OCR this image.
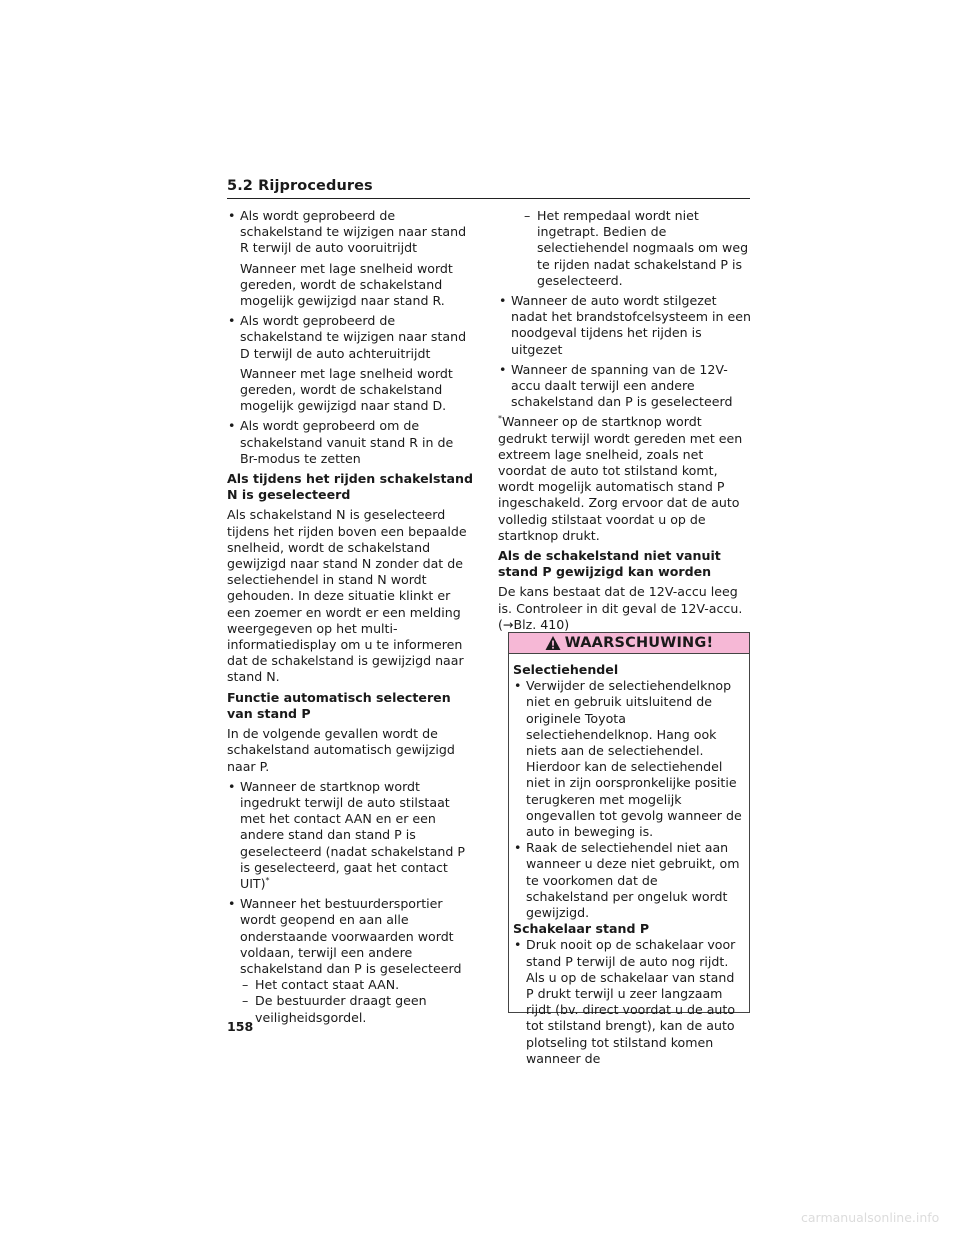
5.2 Rijprocedures
• Als wordt geprobeerd de schakelstand te wijzigen naar stand R terwijl de auto vooruitrijdt

Wanneer met lage snelheid wordt gereden, wordt de schakelstand mogelijk gewijzigd naar stand R.

• Als wordt geprobeerd de schakelstand te wijzigen naar stand D terwijl de auto achteruitrijdt

Wanneer met lage snelheid wordt gereden, wordt de schakelstand mogelijk gewijzigd naar stand D.

• Als wordt geprobeerd om de schakelstand vanuit stand R in de Br-modus te zetten

Als tijdens het rijden schakelstand N is geselecteerd

Als schakelstand N is geselecteerd tijdens het rijden boven een bepaalde snelheid, wordt de schakelstand gewijzigd naar stand N zonder dat de selectiehendel in stand N wordt gehouden. In deze situatie klinkt er een zoemer en wordt er een melding weergegeven op het multi-informatiedisplay om u te informeren dat de schakelstand is gewijzigd naar stand N.

Functie automatisch selecteren van stand P

In de volgende gevallen wordt de schakelstand automatisch gewijzigd naar P.

• Wanneer de startknop wordt ingedrukt terwijl de auto stilstaat met het contact AAN en er een andere stand dan stand P is geselecteerd (nadat schakelstand P is geselecteerd, gaat het contact UIT)*
• Wanneer het bestuurdersportier wordt geopend en aan alle onderstaande voorwaarden wordt voldaan, terwijl een andere schakelstand dan P is geselecteerd
– Het contact staat AAN.
– De bestuurder draagt geen veiligheidsgordel.
– Het rempedaal wordt niet ingetrapt. Bedien de selectiehendel nogmaals om weg te rijden nadat schakelstand P is geselecteerd.
• Wanneer de auto wordt stilgezet nadat het brandstofcelsysteem in een noodgeval tijdens het rijden is uitgezet
• Wanneer de spanning van de 12V-accu daalt terwijl een andere schakelstand dan P is geselecteerd

*Wanneer op de startknop wordt gedrukt terwijl wordt gereden met een extreem lage snelheid, zoals net voordat de auto tot stilstand komt, wordt mogelijk automatisch stand P ingeschakeld. Zorg ervoor dat de auto volledig stilstaat voordat u op de startknop drukt.

Als de schakelstand niet vanuit stand P gewijzigd kan worden

De kans bestaat dat de 12V-accu leeg is. Controleer in dit geval de 12V-accu. (→Blz. 410)

WAARSCHUWING!

Selectiehendel

• Verwijder de selectiehendelknop niet en gebruik uitsluitend de originele Toyota selectiehendelknop. Hang ook niets aan de selectiehendel. Hierdoor kan de selectiehendel niet in zijn oorspronkelijke positie terugkeren met mogelijk ongevallen tot gevolg wanneer de auto in beweging is.
• Raak de selectiehendel niet aan wanneer u deze niet gebruikt, om te voorkomen dat de schakelstand per ongeluk wordt gewijzigd.

Schakelaar stand P

• Druk nooit op de schakelaar voor stand P terwijl de auto nog rijdt. Als u op de schakelaar van stand P drukt terwijl u zeer langzaam rijdt (bv. direct voordat u de auto tot stilstand brengt), kan de auto plotseling tot stilstand komen wanneer de
158
carmanualsonline.info
